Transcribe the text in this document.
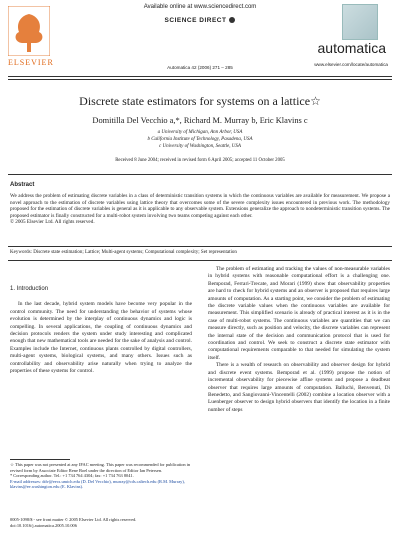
ELSEVIER
Available online at www.sciencedirect.com
SCIENCE DIRECT
automatica
Automatica 42 (2006) 271 – 285
www.elsevier.com/locate/automatica
Discrete state estimators for systems on a lattice☆
Domitilla Del Vecchio a,*, Richard M. Murray b, Eric Klavins c
a University of Michigan, Ann Arbor, USA
b California Institute of Technology, Pasadena, USA
c University of Washington, Seattle, USA
Received 8 June 2004; received in revised form 6 April 2005; accepted 11 October 2005
Abstract
We address the problem of estimating discrete variables in a class of deterministic transition systems in which the continuous variables are available for measurement. We propose a novel approach to the estimation of discrete variables using lattice theory that overcomes some of the severe complexity issues encountered in previous work. The methodology proposed for the estimation of discrete variables is general as it is applicable to any observable system. Extensions generalize the approach to nondeterministic transition systems. The proposed estimator is finally constructed for a multi-robot system involving two teams competing against each other.
© 2005 Elsevier Ltd. All rights reserved.
Keywords: Discrete state estimation; Lattice; Multi-agent systems; Computational complexity; Set representation
1. Introduction

In the last decade, hybrid system models have become very popular in the control community. The need for understanding the behavior of systems whose evolution is determined by the interplay of continuous dynamics and logic is compelling. In several applications, the coupling of continuous dynamics and decision protocols renders the system under study interesting and complicated enough that new mathematical tools are needed for the sake of analysis and control. Examples include the Internet, continuous plants controlled by digital controllers, multi-agent systems, biological systems, and many others. Issues such as controllability and observability arise naturally when trying to analyze the properties of these systems for control.

The problem of estimating and tracking the values of non-measurable variables in hybrid systems with reasonable computational effort is a challenging one. Bemporad, Ferrari-Trecate, and Morari (1999) show that observability properties are hard to check for hybrid systems and an observer is proposed that requires large amounts of computation. As a starting point, we consider the problem of estimating the discrete variable values when the continuous variables are available for measurement. This simplified scenario is already of practical interest as it is in the case of multi-robot systems. The continuous variables are quantities that we can measure directly, such as position and velocity, the discrete variables can represent the internal state of the decision and communication protocol that is used for coordination and control. We seek to construct a discrete state estimator with computational requirements comparable to that needed for simulating the system itself.

There is a wealth of research on observability and observer design for hybrid and discrete event systems. Bemporad et al. (1999) propose the notion of incremental observability for piecewise affine systems and propose a deadbeat observer that requires large amounts of computation. Balluchi, Benvenuti, Di Benedetto, and Sangiovanni-Vincentelli (2002) combine a location observer with a Luenberger observer to design hybrid observers that identify the location in a finite number of steps

☆ This paper was not presented at any IFAC meeting. This paper was recommended for publication in revised form by Associate Editor Rene Boel under the direction of Editor Ian Petersen.
* Corresponding author. Tel.: +1 734 764 4304; fax: +1 734 763 8041.
E-mail addresses: ddv@eecs.umich.edu (D. Del Vecchio), murray@cds.caltech.edu (R.M. Murray), klavins@ee.washington.edu (E. Klavins).
0005-1098/$ - see front matter © 2005 Elsevier Ltd. All rights reserved.
doi:10.1016/j.automatica.2005.10.006
